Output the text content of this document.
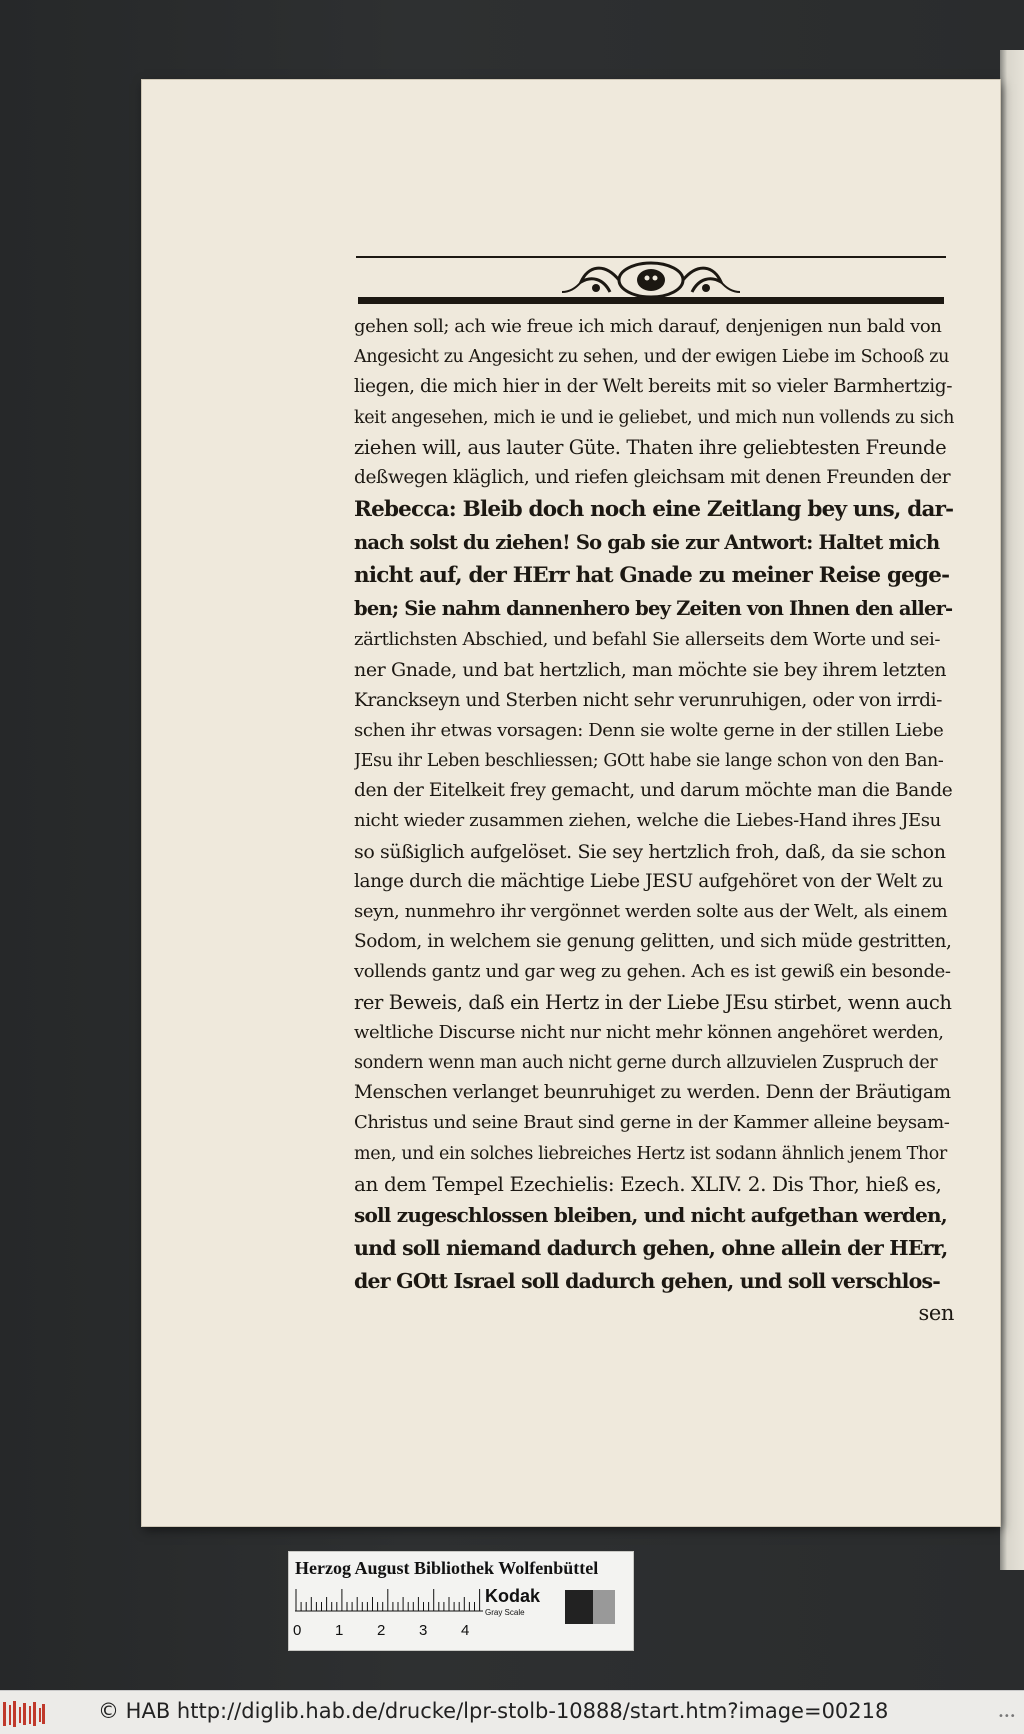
gehen soll; ach wie freue ich mich darauf, denjenigen nun bald von
Angesicht zu Angesicht zu sehen, und der ewigen Liebe im Schooß zu
liegen, die mich hier in der Welt bereits mit so vieler Barmhertzig-
keit angesehen, mich ie und ie geliebet, und mich nun vollends zu sich
ziehen will, aus lauter Güte. Thaten ihre geliebtesten Freunde
deßwegen kläglich, und riefen gleichsam mit denen Freunden der
Rebecca: Bleib doch noch eine Zeitlang bey uns, dar-
nach solst du ziehen! So gab sie zur Antwort: Haltet mich
nicht auf, der HErr hat Gnade zu meiner Reise gege-
ben; Sie nahm dannenhero bey Zeiten von Ihnen den aller-
zärtlichsten Abschied, und befahl Sie allerseits dem Worte und sei-
ner Gnade, und bat hertzlich, man möchte sie bey ihrem letzten
Kranckseyn und Sterben nicht sehr verunruhigen, oder von irrdi-
schen ihr etwas vorsagen: Denn sie wolte gerne in der stillen Liebe
JEsu ihr Leben beschliessen; GOtt habe sie lange schon von den Ban-
den der Eitelkeit frey gemacht, und darum möchte man die Bande
nicht wieder zusammen ziehen, welche die Liebes-Hand ihres JEsu
so süßiglich aufgelöset. Sie sey hertzlich froh, daß, da sie schon
lange durch die mächtige Liebe JESU aufgehöret von der Welt zu
seyn, nunmehro ihr vergönnet werden solte aus der Welt, als einem
Sodom, in welchem sie genung gelitten, und sich müde gestritten,
vollends gantz und gar weg zu gehen. Ach es ist gewiß ein besonde-
rer Beweis, daß ein Hertz in der Liebe JEsu stirbet, wenn auch
weltliche Discurse nicht nur nicht mehr können angehöret werden,
sondern wenn man auch nicht gerne durch allzuvielen Zuspruch der
Menschen verlanget beunruhiget zu werden. Denn der Bräutigam
Christus und seine Braut sind gerne in der Kammer alleine beysam-
men, und ein solches liebreiches Hertz ist sodann ähnlich jenem Thor
an dem Tempel Ezechielis: Ezech. XLIV. 2. Dis Thor, hieß es,
soll zugeschlossen bleiben, und nicht aufgethan werden,
und soll niemand dadurch gehen, ohne allein der HErr,
der GOtt Israel soll dadurch gehen, und soll verschlos-
sen
Herzog August Bibliothek Wolfenbüttel
0 1 2 3 4
Kodak
Gray Scale
© HAB http://diglib.hab.de/drucke/lpr-stolb-10888/start.htm?image=00218	•••
